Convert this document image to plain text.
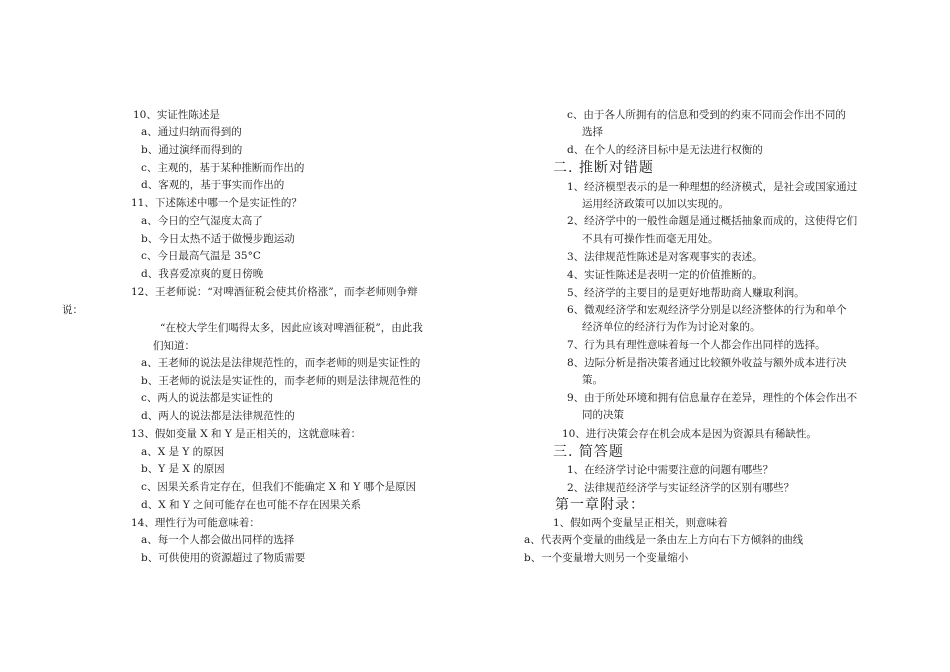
10、实证性陈述是
a、通过归纳而得到的
b、通过演绎而得到的
c、主观的，基于某种推断而作出的
d、客观的，基于事实而作出的
11、下述陈述中哪一个是实证性的？
a、今日的空气湿度太高了
b、今日太热不适于做慢步跑运动
c、今日最高气温是 35°C
d、我喜爱凉爽的夏日傍晚
12、王老师说：“对啤酒征税会使其价格涨”，而李老师则争辩
说：
“在校大学生们喝得太多，因此应该对啤酒征税”，由此我
们知道：
a、王老师的说法是法律规范性的，而李老师的则是实证性的
b、王老师的说法是实证性的，而李老师的则是法律规范性的
c、两人的说法都是实证性的
d、两人的说法都是法律规范性的
13、假如变量 X 和 Y 是正相关的，这就意味着：
a、X 是 Y 的原因
b、Y 是 X 的原因
c、因果关系肯定存在，但我们不能确定 X 和 Y 哪个是原因
d、X 和 Y 之间可能存在也可能不存在因果关系
14、理性行为可能意味着：
a、每一个人都会做出同样的选择
b、可供使用的资源超过了物质需要
c、由于各人所拥有的信息和受到的约束不同而会作出不同的
选择
d、在个人的经济目标中是无法进行权衡的
二. 推断对错题
1、经济模型表示的是一种理想的经济模式，是社会或国家通过
运用经济政策可以加以实现的。
2、经济学中的一般性命题是通过概括抽象而成的，这使得它们
不具有可操作性而毫无用处。
3、法律规范性陈述是对客观事实的表述。
4、实证性陈述是表明一定的价值推断的。
5、经济学的主要目的是更好地帮助商人赚取利润。
6、微观经济学和宏观经济学分别是以经济整体的行为和单个
经济单位的经济行为作为讨论对象的。
7、行为具有理性意味着每一个人都会作出同样的选择。
8、边际分析是指决策者通过比较额外收益与额外成本进行决
策。
9、由于所处环境和拥有信息量存在差异，理性的个体会作出不
同的决策
10、进行决策会存在机会成本是因为资源具有稀缺性。
三. 简答题
1、在经济学讨论中需要注意的问题有哪些？
2、法律规范经济学与实证经济学的区别有哪些？
第一章附录：
1、假如两个变量呈正相关，则意味着
a、代表两个变量的曲线是一条由左上方向右下方倾斜的曲线
b、一个变量增大则另一个变量缩小
